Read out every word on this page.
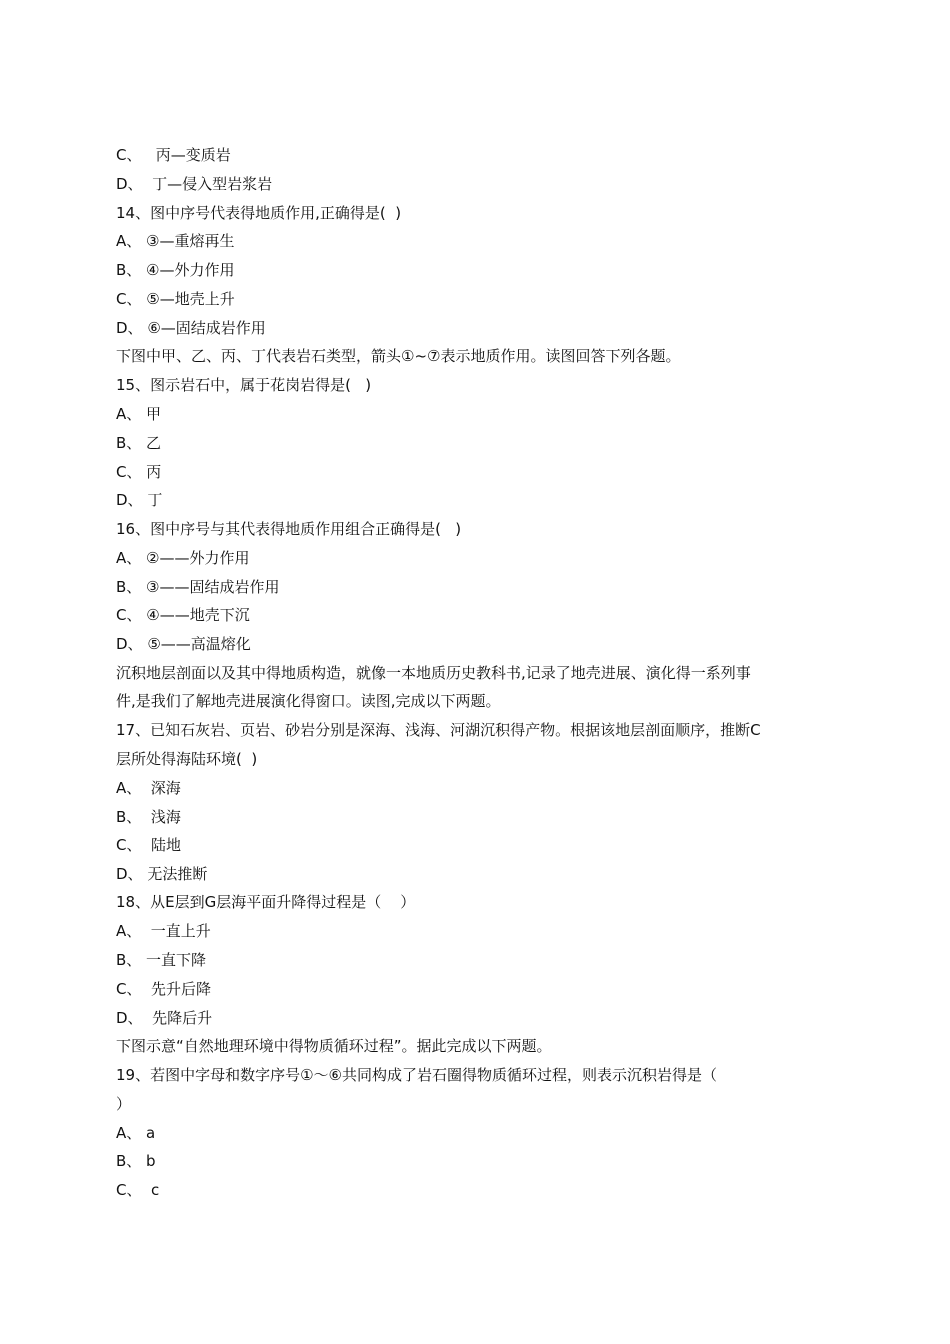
C、   丙—变质岩
D、  丁—侵入型岩浆岩
14、图中序号代表得地质作用,正确得是(  )
A、 ③—重熔再生
B、 ④—外力作用
C、 ⑤—地壳上升
D、 ⑥—固结成岩作用
下图中甲、乙、丙、丁代表岩石类型，箭头①~⑦表示地质作用。读图回答下列各题。
15、图示岩石中，属于花岗岩得是(   )
A、 甲
B、 乙
C、 丙
D、 丁
16、图中序号与其代表得地质作用组合正确得是(   )
A、 ②——外力作用
B、 ③——固结成岩作用
C、 ④——地壳下沉
D、 ⑤——高温熔化
沉积地层剖面以及其中得地质构造，就像一本地质历史教科书,记录了地壳进展、演化得一系列事
件,是我们了解地壳进展演化得窗口。读图,完成以下两题。
17、已知石灰岩、页岩、砂岩分别是深海、浅海、河湖沉积得产物。根据该地层剖面顺序，推断C
层所处得海陆环境(  )
A、  深海
B、  浅海
C、  陆地
D、 无法推断
18、从E层到G层海平面升降得过程是（    ）
A、  一直上升
B、 一直下降
C、  先升后降
D、  先降后升
下图示意“自然地理环境中得物质循环过程”。据此完成以下两题。
19、若图中字母和数字序号①～⑥共同构成了岩石圈得物质循环过程，则表示沉积岩得是（
）
A、 a
B、 b
C、  c
